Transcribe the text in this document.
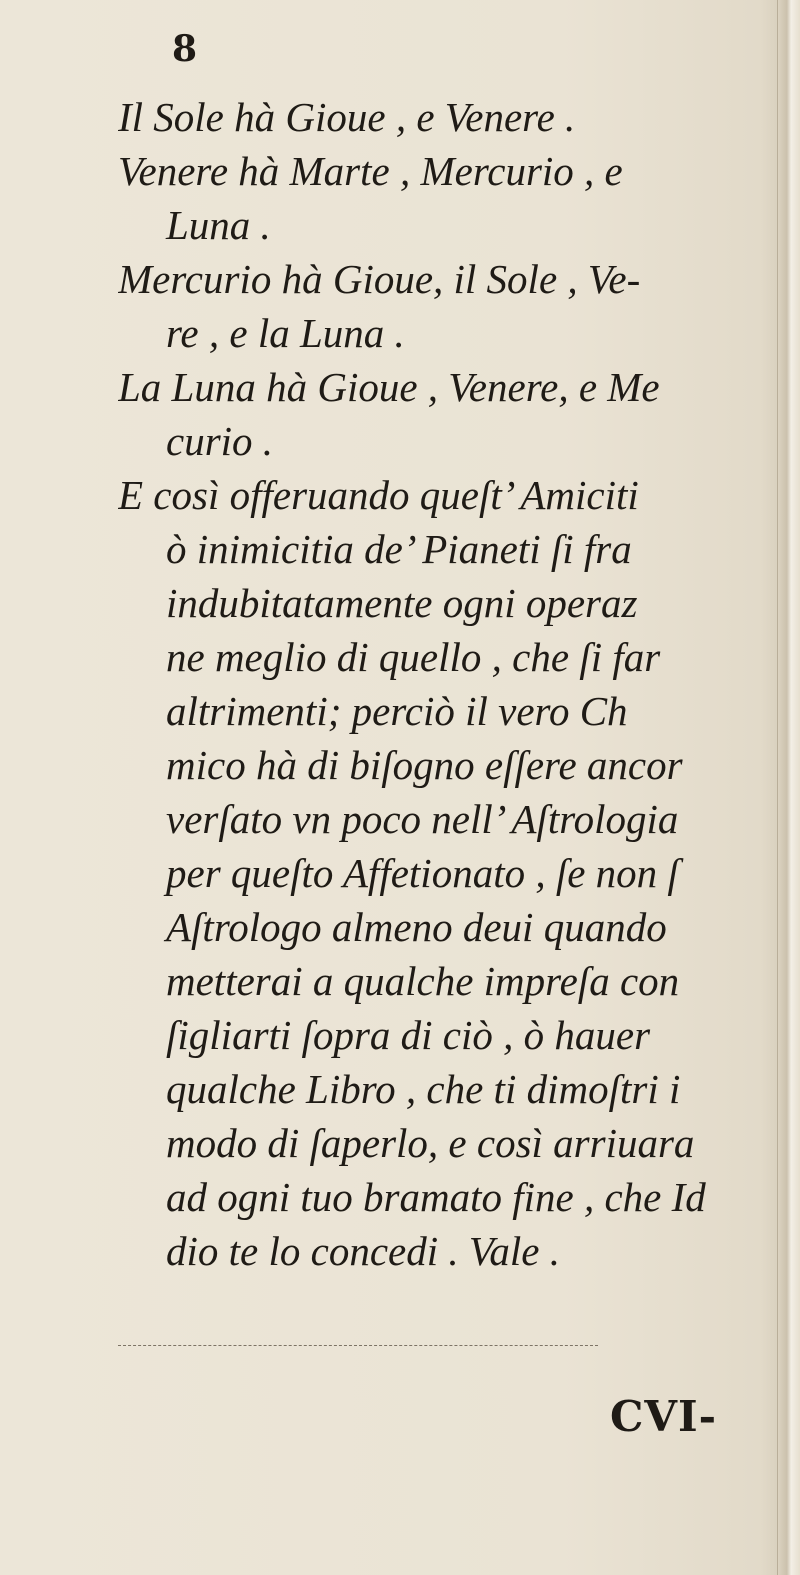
8
Il Sole hà Gioue , e Venere .
Venere hà Marte , Mercurio , e
Luna .
Mercurio hà Gioue, il Sole , Ve-
re , e la Luna .
La Luna hà Gioue , Venere, e Me
curio .
E così offeruando queſt’ Amiciti
ò inimicitia de’ Pianeti ſi fra
indubitatamente ogni operaz
ne meglio di quello , che ſi far
altrimenti; perciò il vero Ch
mico hà di biſogno eſſere ancor
verſato vn poco nell’ Aſtrologia
per queſto Affetionato , ſe non ſ
Aſtrologo almeno deui quando
metterai a qualche impreſa con
ſigliarti ſopra di ciò , ò hauer
qualche Libro , che ti dimoſtri i
modo di ſaperlo, e così arriuara
ad ogni tuo bramato fine , che Id
dio te lo concedi . Vale .
CVI-
